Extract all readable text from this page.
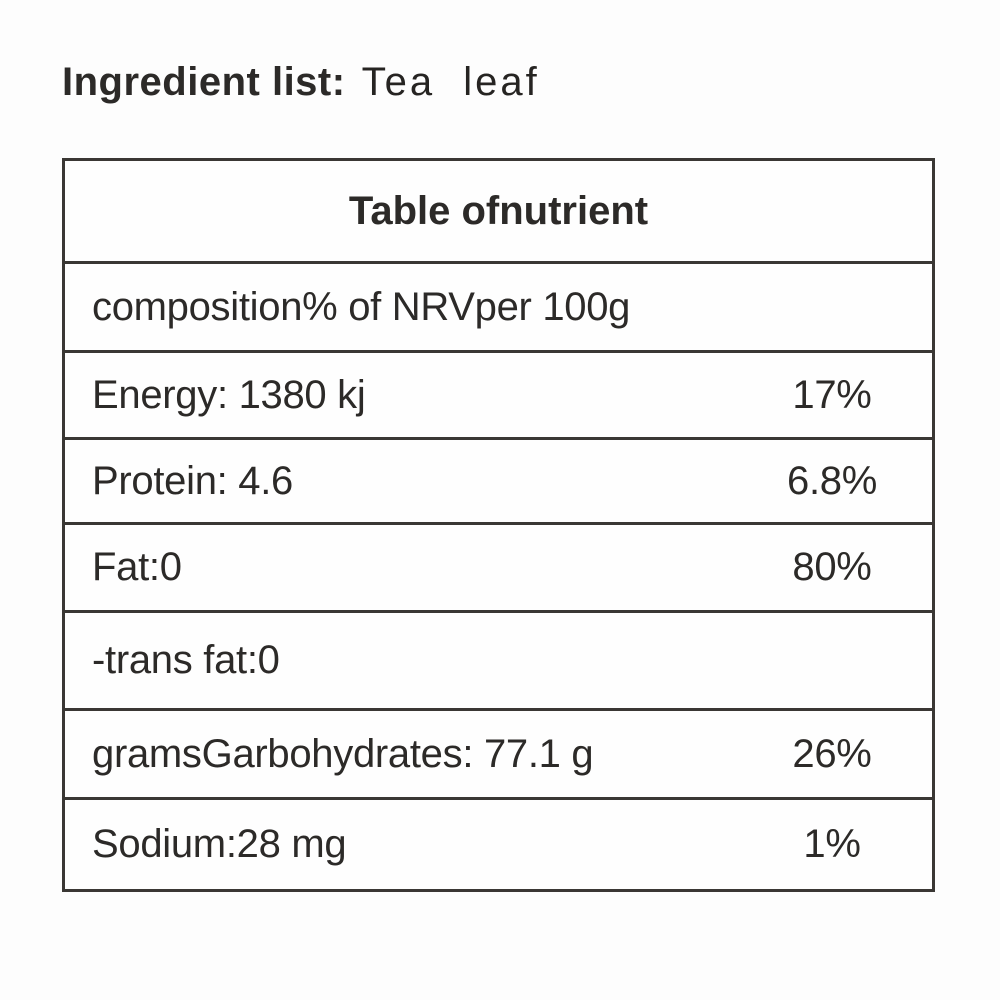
Ingredient list: Tea  leaf
Table ofnutrient
composition% of NRVper 100g
Energy: 1380 kj	17%
Protein: 4.6	6.8%
Fat:0	80%
-trans fat:0
gramsGarbohydrates: 77.1 g	26%
Sodium:28 mg	1%
